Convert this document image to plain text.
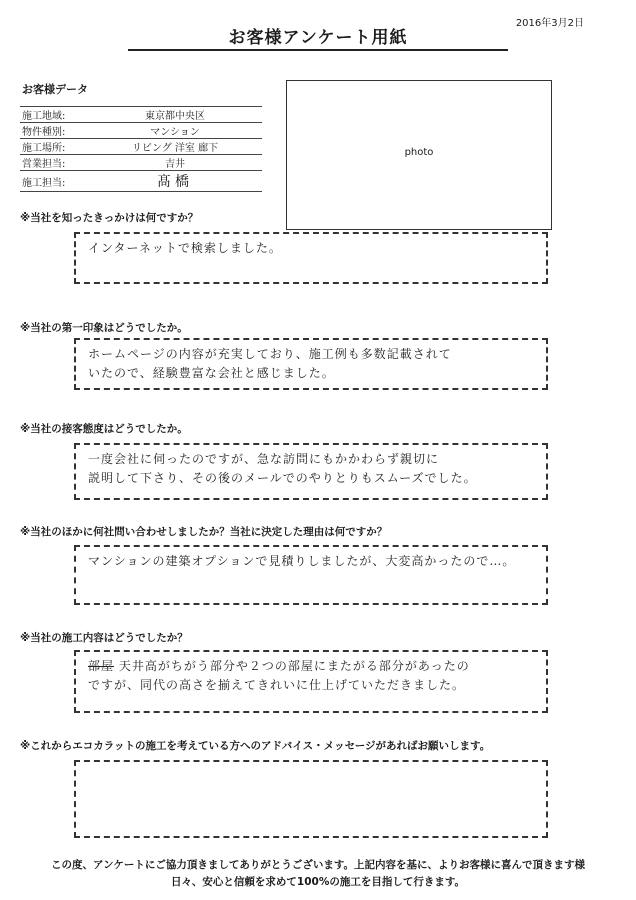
2016年3月2日
お客様アンケート用紙
お客様データ
施工地域:	東京都中央区
物件種別:	マンション
施工場所:	リビング 洋室 廊下
営業担当:	吉井
施工担当:	髙橋
photo
※当社を知ったきっかけは何ですか？
インターネットで検索しました。
※当社の第一印象はどうでしたか。
ホームページの内容が充実しており、施工例も多数記載されて
いたので、経験豊富な会社と感じました。
※当社の接客態度はどうでしたか。
一度会社に伺ったのですが、急な訪問にもかかわらず親切に
説明して下さり、その後のメールでのやりとりもスムーズでした。
※当社のほかに何社問い合わせしましたか？当社に決定した理由は何ですか？
マンションの建築オプションで見積りしましたが、大変高かったので…。
※当社の施工内容はどうでしたか？
部屋 天井高がちがう部分や２つの部屋にまたがる部分があったの
ですが、同代の高さを揃えてきれいに仕上げていただきました。
※これからエコカラットの施工を考えている方へのアドバイス・メッセージがあればお願いします。
この度、アンケートにご協力頂きましてありがとうございます。上記内容を基に、よりお客様に喜んで頂きます様
日々、安心と信頼を求めて100%の施工を目指して行きます。
